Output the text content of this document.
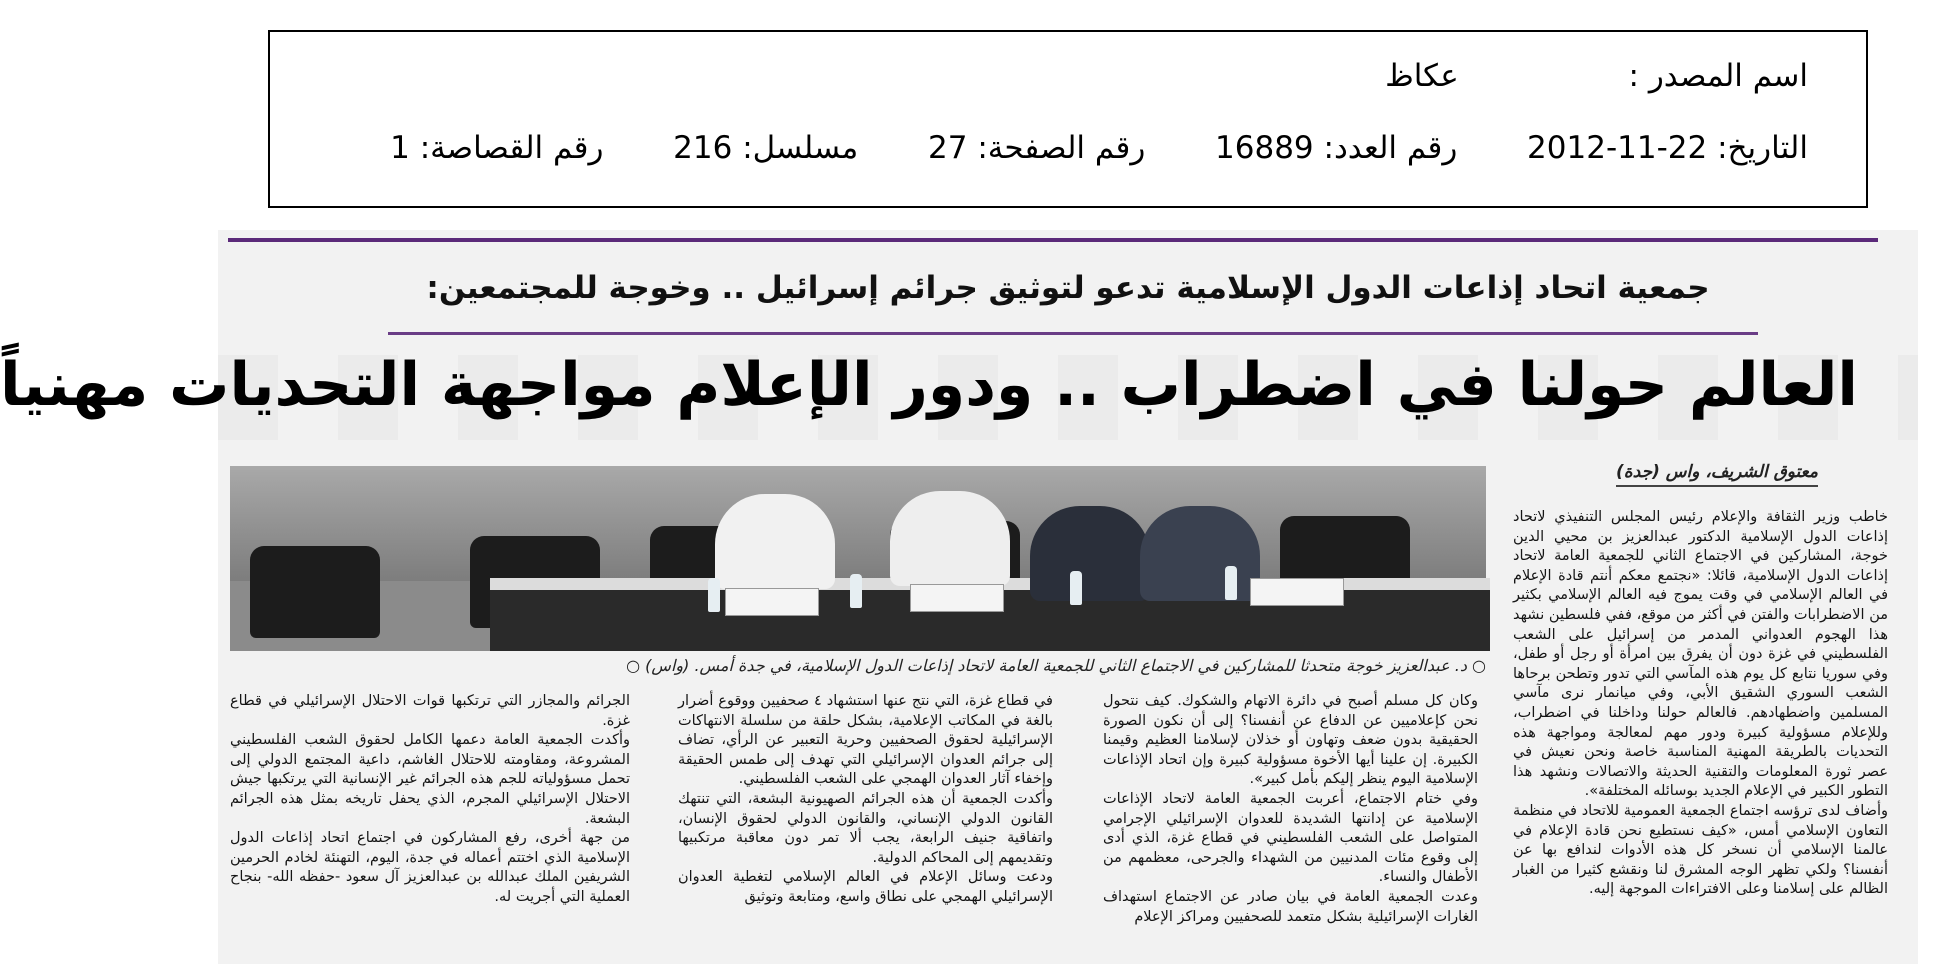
اسم المصدر :  عكاظ
التاريخ: 2012-11-22  رقم العدد: 16889  رقم الصفحة: 27  مسلسل: 216  رقم القصاصة: 1
جمعية اتحاد إذاعات الدول الإسلامية تدعو لتوثيق جرائم إسرائيل .. وخوجة للمجتمعين:
العالم حولنا في اضطراب .. ودور الإعلام مواجهة التحديات مهنياً
معتوق الشريف، واس (جدة)
○ د. عبدالعزيز خوجة متحدثا للمشاركين في الاجتماع الثاني للجمعية العامة لاتحاد إذاعات الدول الإسلامية، في جدة أمس. (واس) ○

خاطب وزير الثقافة والإعلام رئيس المجلس التنفيذي لاتحاد إذاعات الدول الإسلامية الدكتور عبدالعزيز بن محيي الدين خوجة، المشاركين في الاجتماع الثاني للجمعية العامة لاتحاد إذاعات الدول الإسلامية، قائلا: «نجتمع معكم أنتم قادة الإعلام في العالم الإسلامي في وقت يموج فيه العالم الإسلامي بكثير من الاضطرابات والفتن في أكثر من موقع، ففي فلسطين نشهد هذا الهجوم العدواني المدمر من إسرائيل على الشعب الفلسطيني في غزة دون أن يفرق بين امرأة أو رجل أو طفل، وفي سوريا نتابع كل يوم هذه المآسي التي تدور وتطحن برحاها الشعب السوري الشقيق الأبي، وفي ميانمار نرى مآسي المسلمين واضطهادهم. فالعالم حولنا وداخلنا في اضطراب، وللإعلام مسؤولية كبيرة ودور مهم لمعالجة ومواجهة هذه التحديات بالطريقة المهنية المناسبة خاصة ونحن نعيش في عصر ثورة المعلومات والتقنية الحديثة والاتصالات ونشهد هذا التطور الكبير في الإعلام الجديد بوسائله المختلفة».

وأضاف لدى ترؤسه اجتماع الجمعية العمومية للاتحاد في منظمة التعاون الإسلامي أمس، «كيف نستطيع نحن قادة الإعلام في عالمنا الإسلامي أن نسخر كل هذه الأدوات لندافع بها عن أنفسنا؟ ولكي تظهر الوجه المشرق لنا ونقشع كثيرا من الغبار الظالم على إسلامنا وعلى الافتراءات الموجهة إليه.

وكان كل مسلم أصبح في دائرة الاتهام والشكوك. كيف نتحول نحن كإعلاميين عن الدفاع عن أنفسنا؟ إلى أن نكون الصورة الحقيقية بدون ضعف وتهاون أو خذلان لإسلامنا العظيم وقيمنا الكبيرة. إن علينا أيها الأخوة مسؤولية كبيرة وإن اتحاد الإذاعات الإسلامية اليوم ينظر إليكم بأمل كبير».

وفي ختام الاجتماع، أعربت الجمعية العامة لاتحاد الإذاعات الإسلامية عن إدانتها الشديدة للعدوان الإسرائيلي الإجرامي المتواصل على الشعب الفلسطيني في قطاع غزة، الذي أدى إلى وقوع مئات المدنيين من الشهداء والجرحى، معظمهم من الأطفال والنساء.

وعدت الجمعية العامة في بيان صادر عن الاجتماع استهداف الغارات الإسرائيلية بشكل متعمد للصحفيين ومراكز الإعلام

في قطاع غزة، التي نتج عنها استشهاد ٤ صحفيين ووقوع أضرار بالغة في المكاتب الإعلامية، بشكل حلقة من سلسلة الانتهاكات الإسرائيلية لحقوق الصحفيين وحرية التعبير عن الرأي، تضاف إلى جرائم العدوان الإسرائيلي التي تهدف إلى طمس الحقيقة وإخفاء آثار العدوان الهمجي على الشعب الفلسطيني.

وأكدت الجمعية أن هذه الجرائم الصهيونية البشعة، التي تنتهك القانون الدولي الإنساني، والقانون الدولي لحقوق الإنسان، واتفاقية جنيف الرابعة، يجب ألا تمر دون معاقبة مرتكبيها وتقديمهم إلى المحاكم الدولية.

ودعت وسائل الإعلام في العالم الإسلامي لتغطية العدوان الإسرائيلي الهمجي على نطاق واسع، ومتابعة وتوثيق

الجرائم والمجازر التي ترتكبها قوات الاحتلال الإسرائيلي في قطاع غزة.

وأكدت الجمعية العامة دعمها الكامل لحقوق الشعب الفلسطيني المشروعة، ومقاومته للاحتلال الغاشم، داعية المجتمع الدولي إلى تحمل مسؤولياته للجم هذه الجرائم غير الإنسانية التي يرتكبها جيش الاحتلال الإسرائيلي المجرم، الذي يحفل تاريخه بمثل هذه الجرائم البشعة.

من جهة أخرى، رفع المشاركون في اجتماع اتحاد إذاعات الدول الإسلامية الذي اختتم أعماله في جدة، اليوم، التهنئة لخادم الحرمين الشريفين الملك عبدالله بن عبدالعزيز آل سعود -حفظه الله- بنجاح العملية التي أجريت له.
